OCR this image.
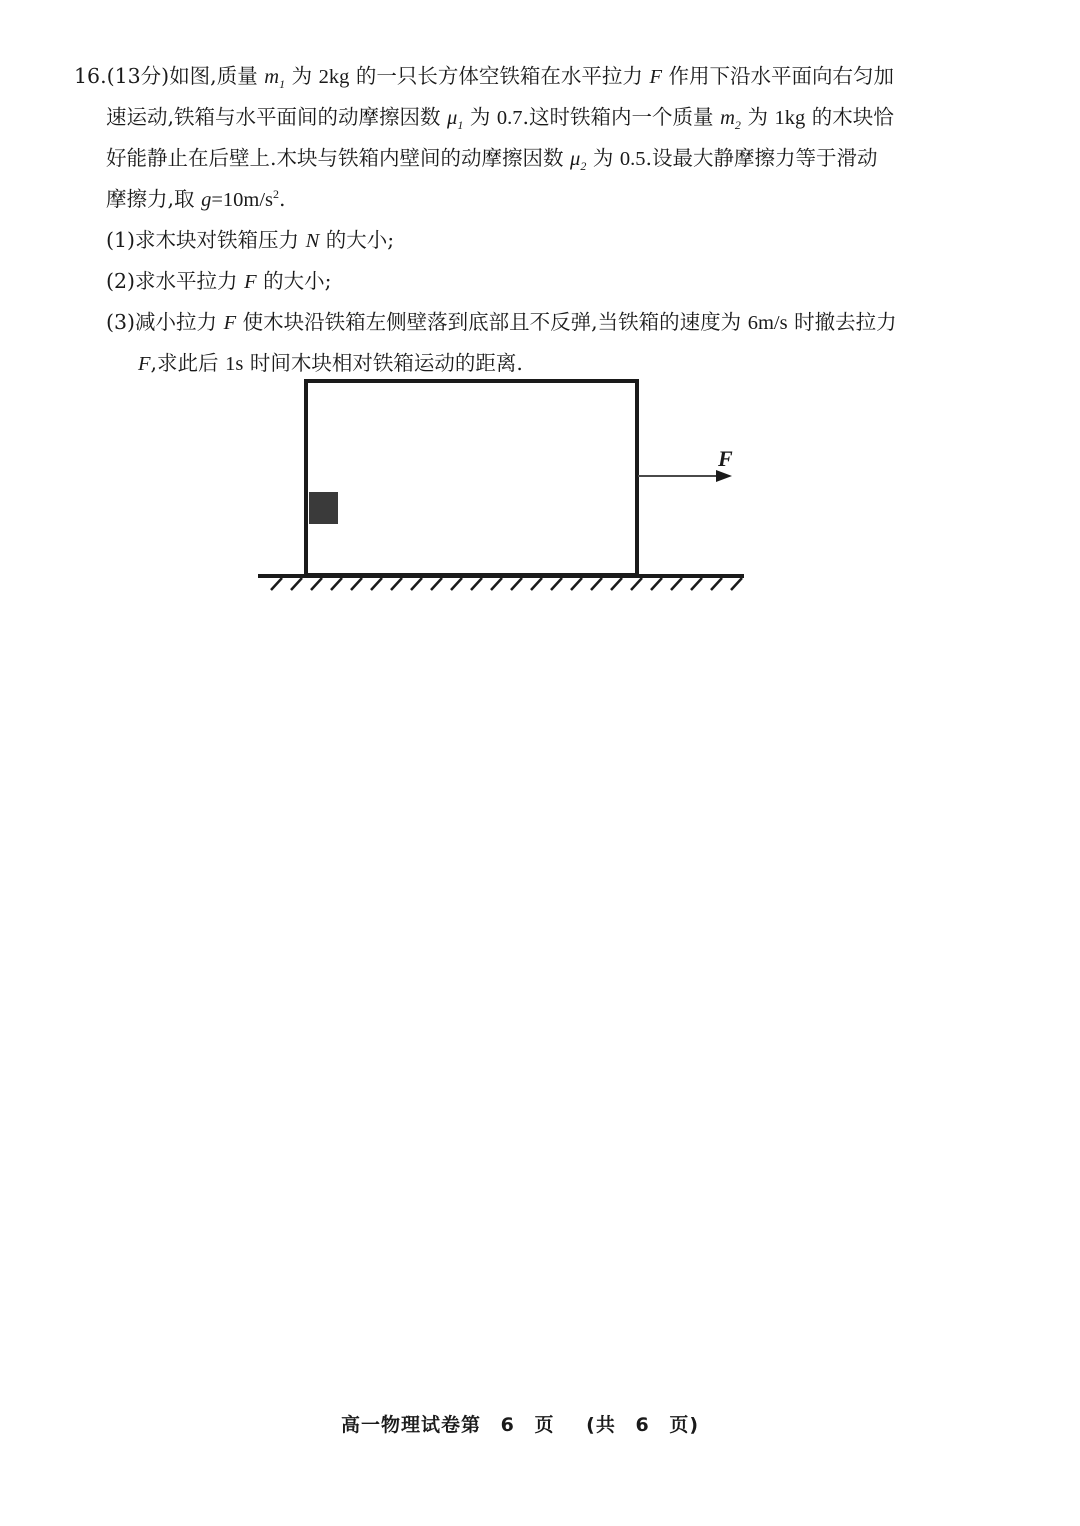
16.(13分)如图,质量 $m_1$ 为 2kg 的一只长方体空铁箱在水平拉力 F 作用下沿水平面向右匀加

速运动,铁箱与水平面间的动摩擦因数 $\mu_1$ 为 0.7.这时铁箱内一个质量 $m_2$ 为 1kg 的木块恰

好能静止在后壁上.木块与铁箱内壁间的动摩擦因数 $\mu_2$ 为 0.5.设最大静摩擦力等于滑动

摩擦力,取 $g=10m/s^2$.

(1)求木块对铁箱压力 N 的大小;

(2)求水平拉力 F 的大小;

(3)减小拉力 F 使木块沿铁箱左侧壁落到底部且不反弹,当铁箱的速度为 6m/s 时撤去拉力

F,求此后 1s 时间木块相对铁箱运动的距离.

F
高一物理试卷第 6 页 (共 6 页)
